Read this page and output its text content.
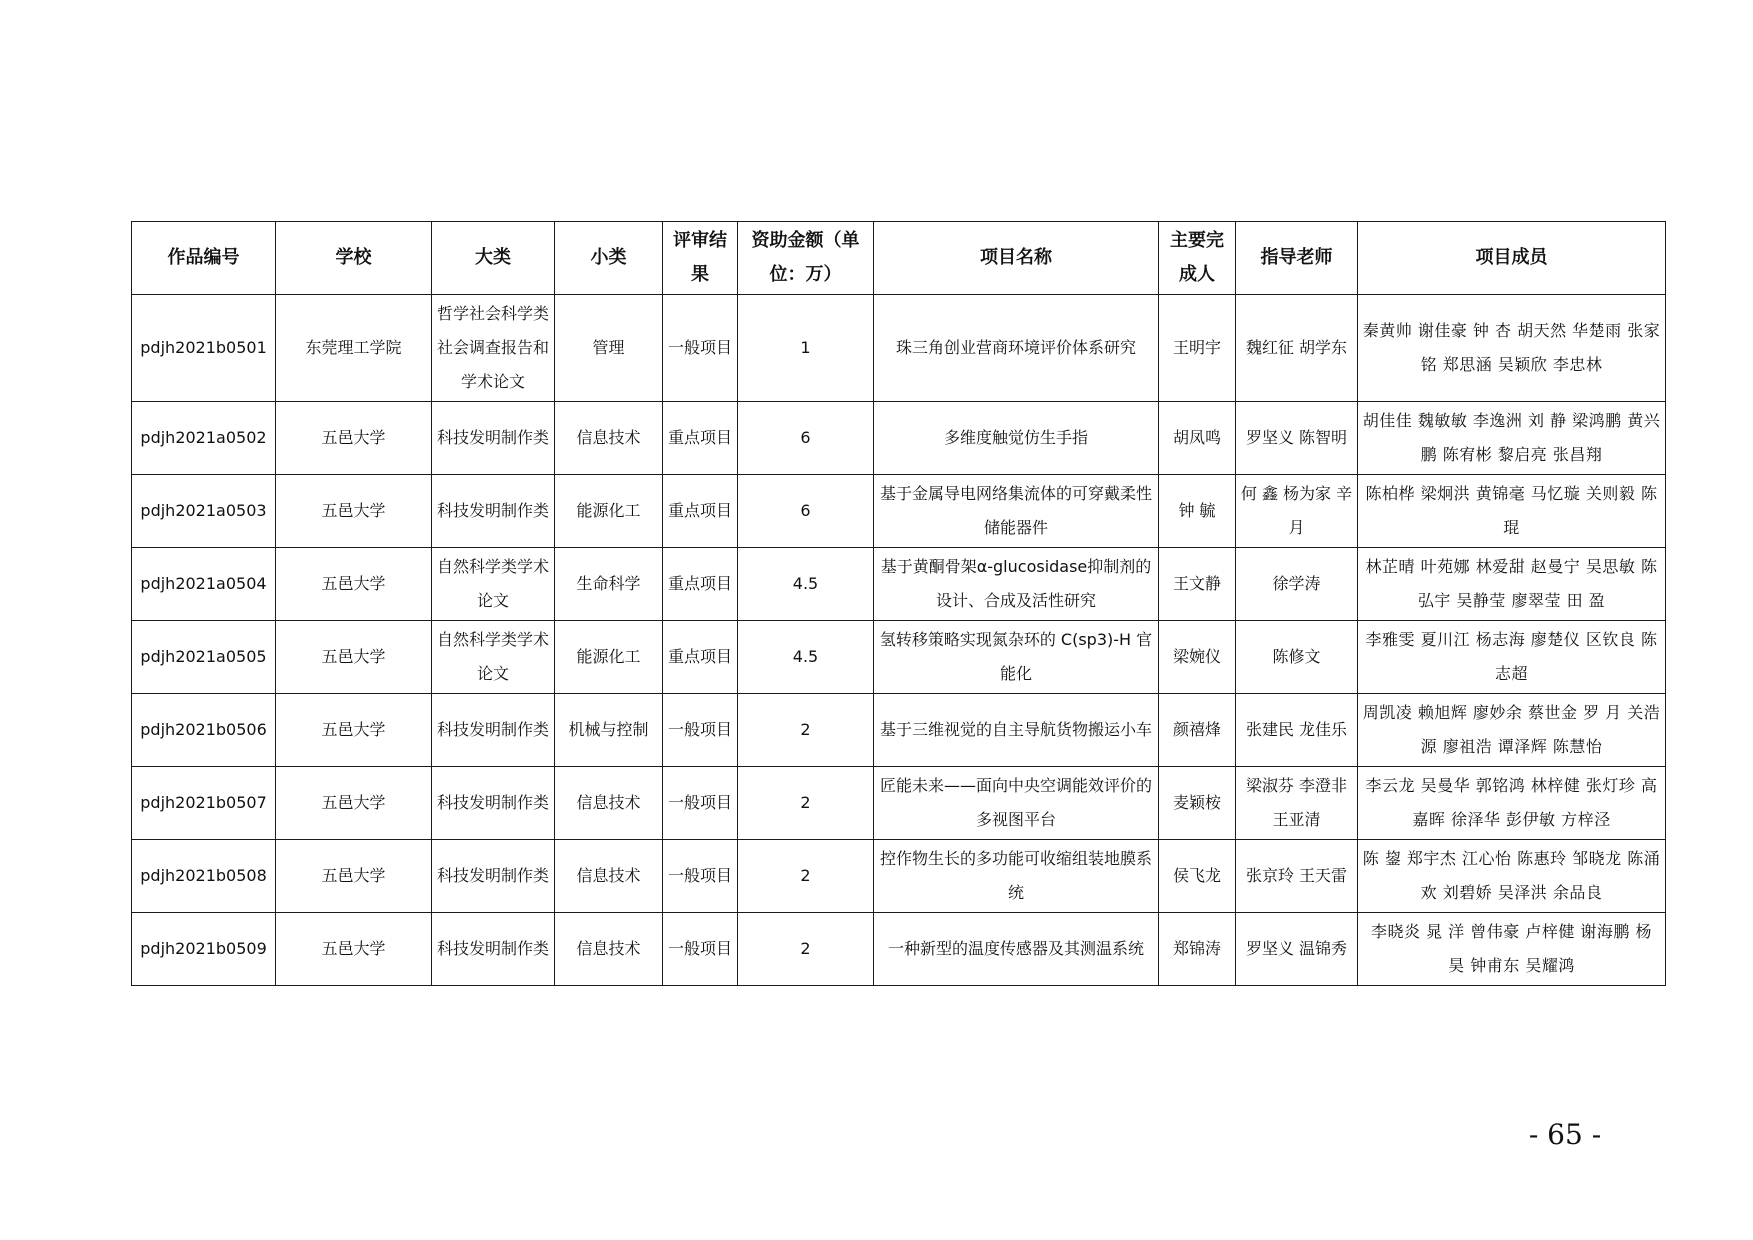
作品编号	学校	大类	小类	评审结果	资助金额（单位：万）	项目名称	主要完成人	指导老师	项目成员
pdjh2021b0501	东莞理工学院	哲学社会科学类社会调查报告和学术论文	管理	一般项目	1	珠三角创业营商环境评价体系研究	王明宇	魏红征 胡学东	秦黄帅 谢佳豪 钟 杏 胡天然 华楚雨 张家铭 郑思涵 吴颖欣 李忠林
pdjh2021a0502	五邑大学	科技发明制作类	信息技术	重点项目	6	多维度触觉仿生手指	胡凤鸣	罗坚义 陈智明	胡佳佳 魏敏敏 李逸洲 刘 静 梁鸿鹏 黄兴鹏 陈宥彬 黎启亮 张昌翔
pdjh2021a0503	五邑大学	科技发明制作类	能源化工	重点项目	6	基于金属导电网络集流体的可穿戴柔性储能器件	钟 毓	何 鑫 杨为家 辛 月	陈柏桦 梁炯洪 黄锦毫 马忆璇 关则毅 陈 琨
pdjh2021a0504	五邑大学	自然科学类学术论文	生命科学	重点项目	4.5	基于黄酮骨架α-glucosidase抑制剂的设计、合成及活性研究	王文静	徐学涛	林芷晴 叶苑娜 林爱甜 赵曼宁 吴思敏 陈弘宇 吴静莹 廖翠莹 田 盈
pdjh2021a0505	五邑大学	自然科学类学术论文	能源化工	重点项目	4.5	氢转移策略实现氮杂环的 C(sp3)-H 官能化	梁婉仪	陈修文	李雅雯 夏川江 杨志海 廖楚仪 区钦良 陈志超
pdjh2021b0506	五邑大学	科技发明制作类	机械与控制	一般项目	2	基于三维视觉的自主导航货物搬运小车	颜禧烽	张建民 龙佳乐	周凯凌 赖旭辉 廖妙余 蔡世金 罗 月 关浩源 廖祖浩 谭泽辉 陈慧怡
pdjh2021b0507	五邑大学	科技发明制作类	信息技术	一般项目	2	匠能未来——面向中央空调能效评价的多视图平台	麦颖桉	梁淑芬 李澄非 王亚清	李云龙 吴曼华 郭铭鸿 林梓健 张灯珍 高嘉晖 徐泽华 彭伊敏 方梓泾
pdjh2021b0508	五邑大学	科技发明制作类	信息技术	一般项目	2	控作物生长的多功能可收缩组装地膜系统	侯飞龙	张京玲 王天雷	陈 鋆 郑宇杰 江心怡 陈惠玲 邹晓龙 陈涌欢 刘碧娇 吴泽洪 余品良
pdjh2021b0509	五邑大学	科技发明制作类	信息技术	一般项目	2	一种新型的温度传感器及其测温系统	郑锦涛	罗坚义 温锦秀	李晓炎 晁 洋 曾伟豪 卢梓健 谢海鹏 杨 昊 钟甫东 吴耀鸿
- 65 -
